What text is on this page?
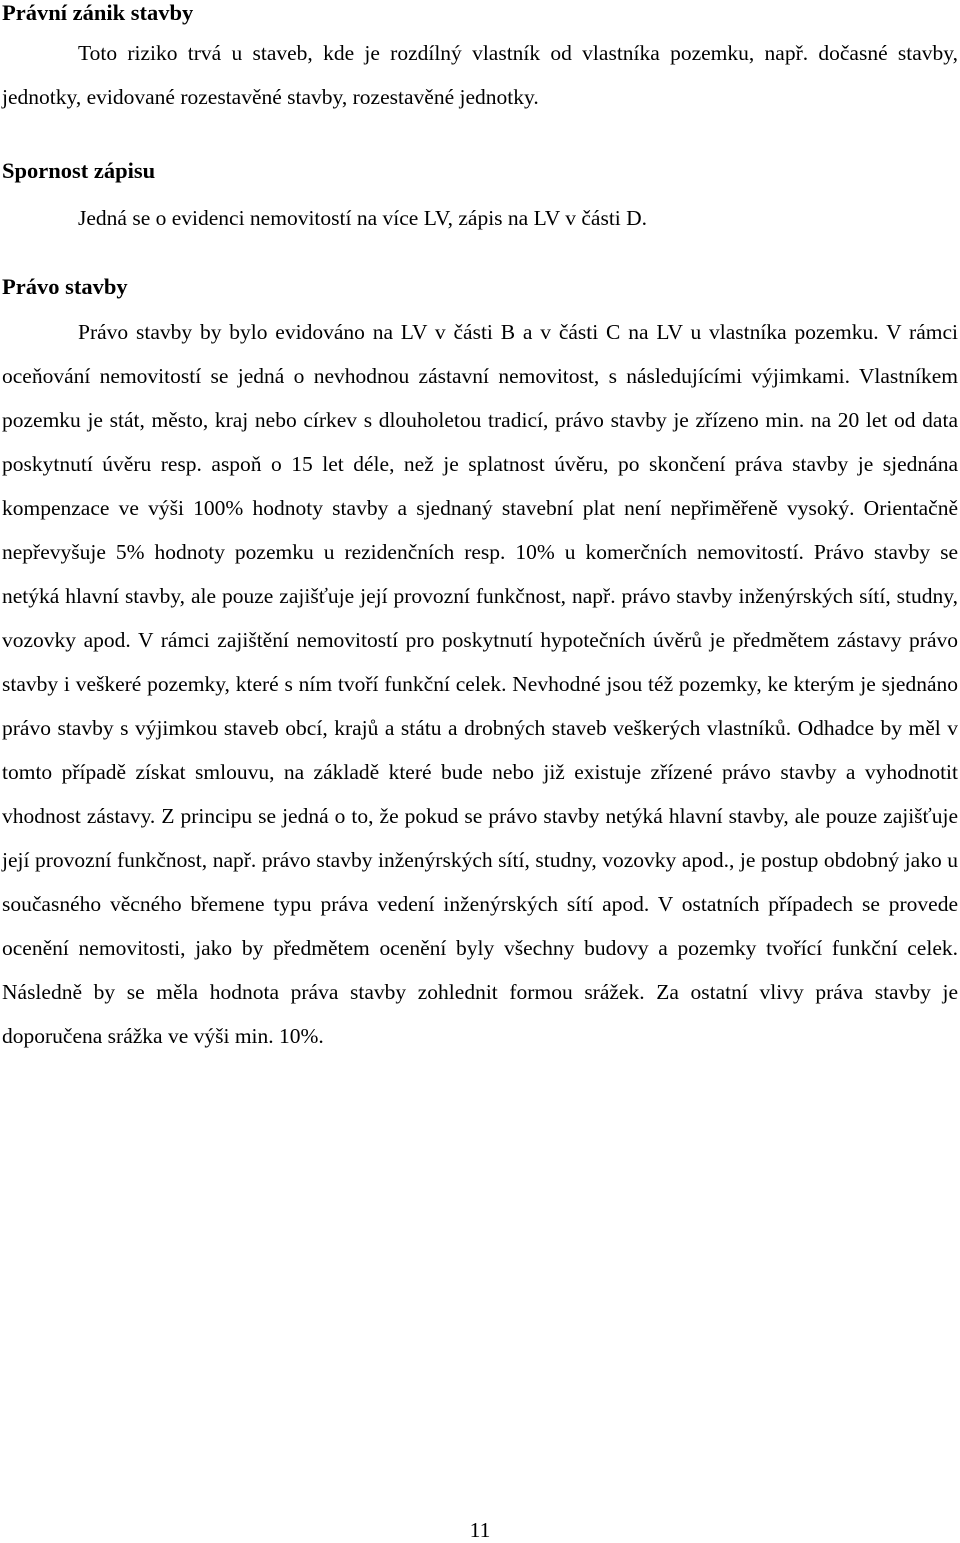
Právní zánik stavby

Toto riziko trvá u staveb, kde je rozdílný vlastník od vlastníka pozemku, např. dočasné stavby, jednotky, evidované rozestavěné stavby, rozestavěné jednotky.

Spornost zápisu

Jedná se o evidenci nemovitostí na více LV, zápis na LV v části D.

Právo stavby

Právo stavby by bylo evidováno na LV v části B a v části C na LV u vlastníka pozemku. V rámci oceňování nemovitostí se jedná o nevhodnou zástavní nemovitost, s následujícími výjimkami. Vlastníkem pozemku je stát, město, kraj nebo církev s dlouholetou tradicí, právo stavby je zřízeno min. na 20 let od data poskytnutí úvěru resp. aspoň o 15 let déle, než je splatnost úvěru, po skončení práva stavby je sjednána kompenzace ve výši 100% hodnoty stavby a sjednaný stavební plat není nepřiměřeně vysoký. Orientačně nepřevyšuje 5% hodnoty pozemku u rezidenčních resp. 10% u komerčních nemovitostí. Právo stavby se netýká hlavní stavby, ale pouze zajišťuje její provozní funkčnost, např. právo stavby inženýrských sítí, studny, vozovky apod. V rámci zajištění nemovitostí pro poskytnutí hypotečních úvěrů je předmětem zástavy právo stavby i veškeré pozemky, které s ním tvoří funkční celek. Nevhodné jsou též pozemky, ke kterým je sjednáno právo stavby s výjimkou staveb obcí, krajů a státu a drobných staveb veškerých vlastníků. Odhadce by měl v tomto případě získat smlouvu, na základě které bude nebo již existuje zřízené právo stavby a vyhodnotit vhodnost zástavy. Z principu se jedná o to, že pokud se právo stavby netýká hlavní stavby, ale pouze zajišťuje její provozní funkčnost, např. právo stavby inženýrských sítí, studny, vozovky apod., je postup obdobný jako u současného věcného břemene typu práva vedení inženýrských sítí apod. V ostatních případech se provede ocenění nemovitosti, jako by předmětem ocenění byly všechny budovy a pozemky tvořící funkční celek. Následně by se měla hodnota práva stavby zohlednit formou srážek. Za ostatní vlivy práva stavby je doporučena srážka ve výši min. 10%.

11
